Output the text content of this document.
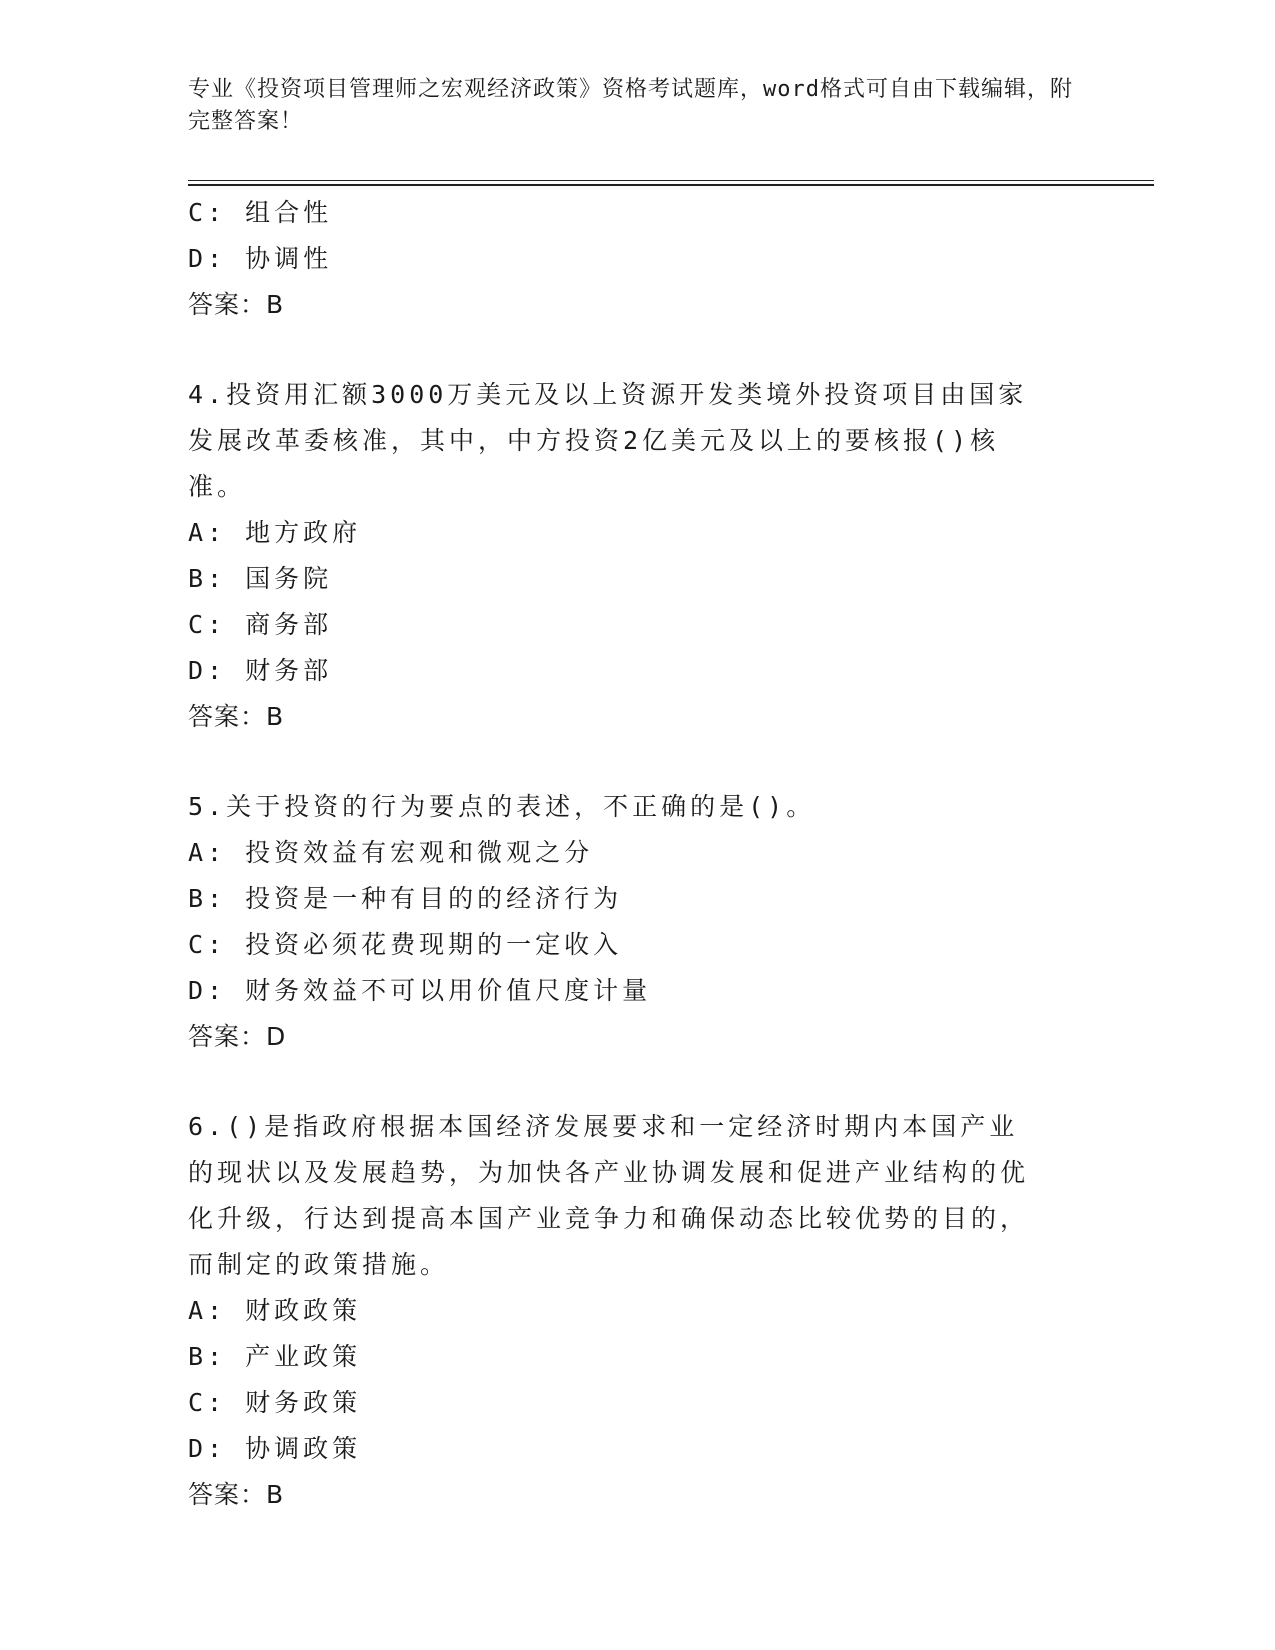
专业《投资项目管理师之宏观经济政策》资格考试题库，word格式可自由下载编辑，附完整答案！
C: 组合性
D: 协调性
答案：B
4.投资用汇额3000万美元及以上资源开发类境外投资项目由国家发展改革委核准，其中，中方投资2亿美元及以上的要核报()核准。
A: 地方政府
B: 国务院
C: 商务部
D: 财务部
答案：B
5.关于投资的行为要点的表述，不正确的是()。
A: 投资效益有宏观和微观之分
B: 投资是一种有目的的经济行为
C: 投资必须花费现期的一定收入
D: 财务效益不可以用价值尺度计量
答案：D
6.()是指政府根据本国经济发展要求和一定经济时期内本国产业的现状以及发展趋势，为加快各产业协调发展和促进产业结构的优化升级，行达到提高本国产业竞争力和确保动态比较优势的目的，而制定的政策措施。
A: 财政政策
B: 产业政策
C: 财务政策
D: 协调政策
答案：B
